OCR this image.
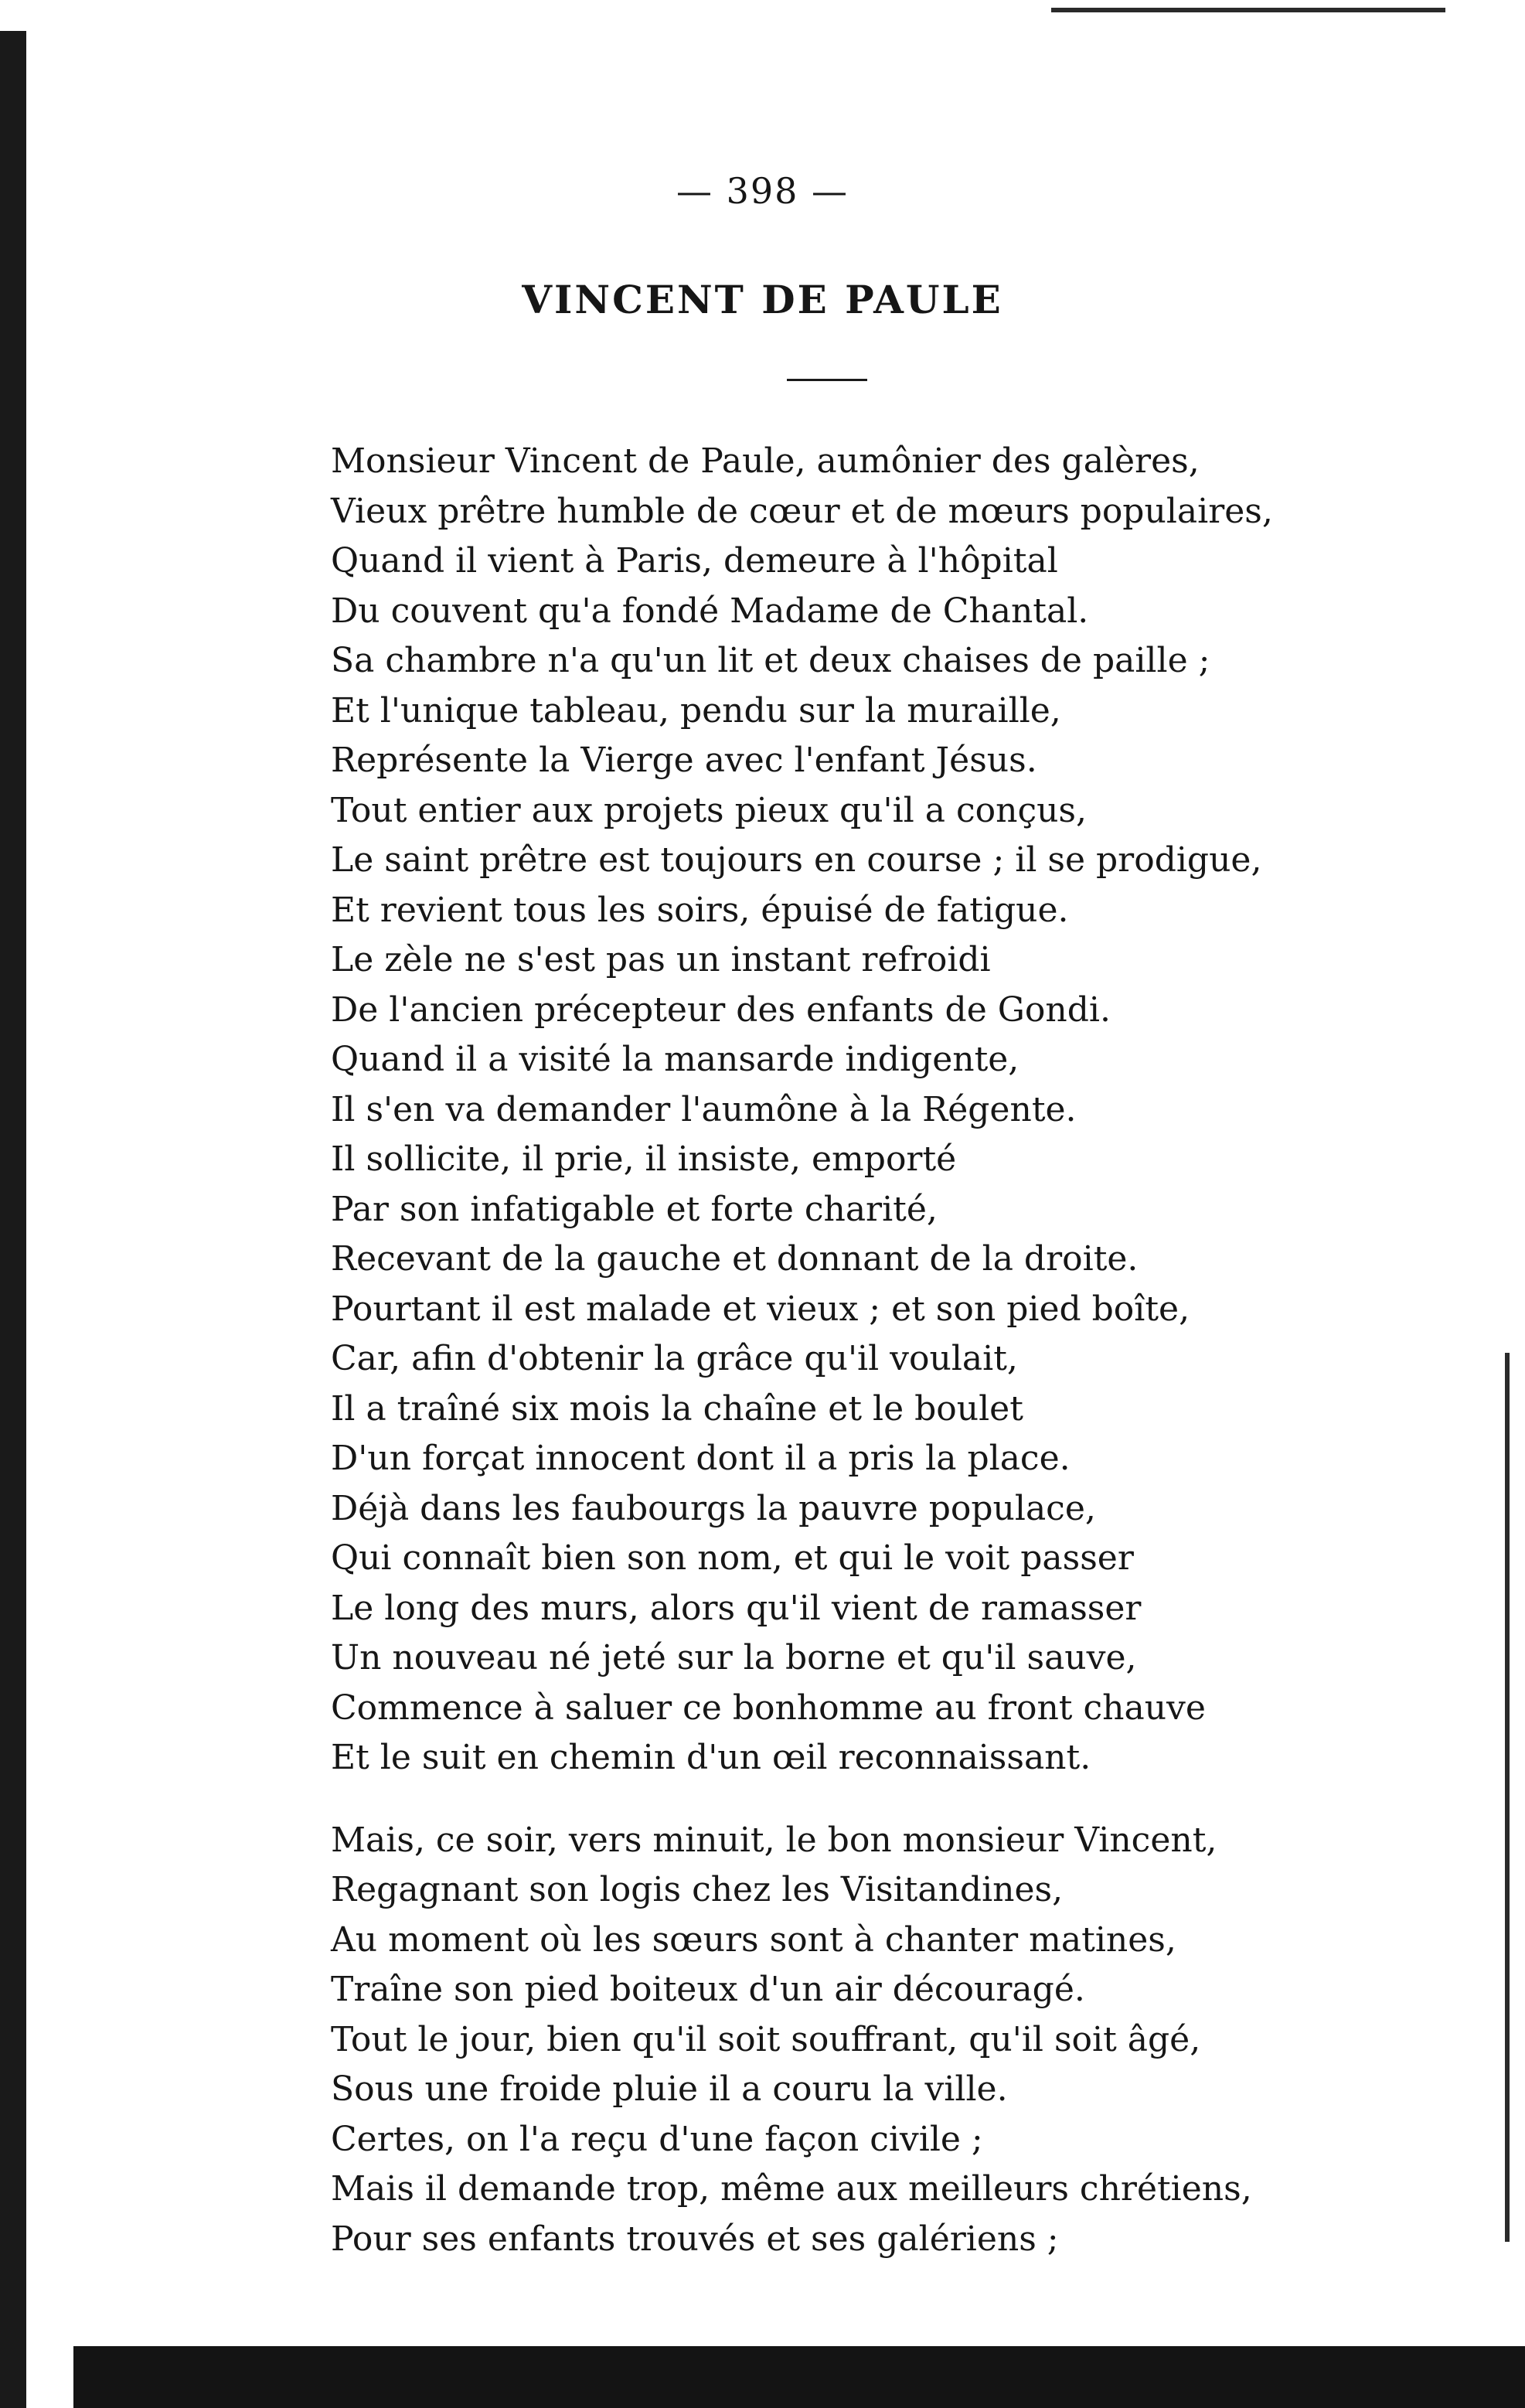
— 398 —
VINCENT DE PAULE
Monsieur Vincent de Paule, aumônier des galères,
Vieux prêtre humble de cœur et de mœurs populaires,
Quand il vient à Paris, demeure à l'hôpital
Du couvent qu'a fondé Madame de Chantal.
Sa chambre n'a qu'un lit et deux chaises de paille ;
Et l'unique tableau, pendu sur la muraille,
Représente la Vierge avec l'enfant Jésus.
Tout entier aux projets pieux qu'il a conçus,
Le saint prêtre est toujours en course ; il se prodigue,
Et revient tous les soirs, épuisé de fatigue.
Le zèle ne s'est pas un instant refroidi
De l'ancien précepteur des enfants de Gondi.
Quand il a visité la mansarde indigente,
Il s'en va demander l'aumône à la Régente.
Il sollicite, il prie, il insiste, emporté
Par son infatigable et forte charité,
Recevant de la gauche et donnant de la droite.
Pourtant il est malade et vieux ; et son pied boîte,
Car, afin d'obtenir la grâce qu'il voulait,
Il a traîné six mois la chaîne et le boulet
D'un forçat innocent dont il a pris la place.
Déjà dans les faubourgs la pauvre populace,
Qui connaît bien son nom, et qui le voit passer
Le long des murs, alors qu'il vient de ramasser
Un nouveau né jeté sur la borne et qu'il sauve,
Commence à saluer ce bonhomme au front chauve
Et le suit en chemin d'un œil reconnaissant.
Mais, ce soir, vers minuit, le bon monsieur Vincent,
Regagnant son logis chez les Visitandines,
Au moment où les sœurs sont à chanter matines,
Traîne son pied boiteux d'un air découragé.
Tout le jour, bien qu'il soit souffrant, qu'il soit âgé,
Sous une froide pluie il a couru la ville.
Certes, on l'a reçu d'une façon civile ;
Mais il demande trop, même aux meilleurs chrétiens,
Pour ses enfants trouvés et ses galériens ;
